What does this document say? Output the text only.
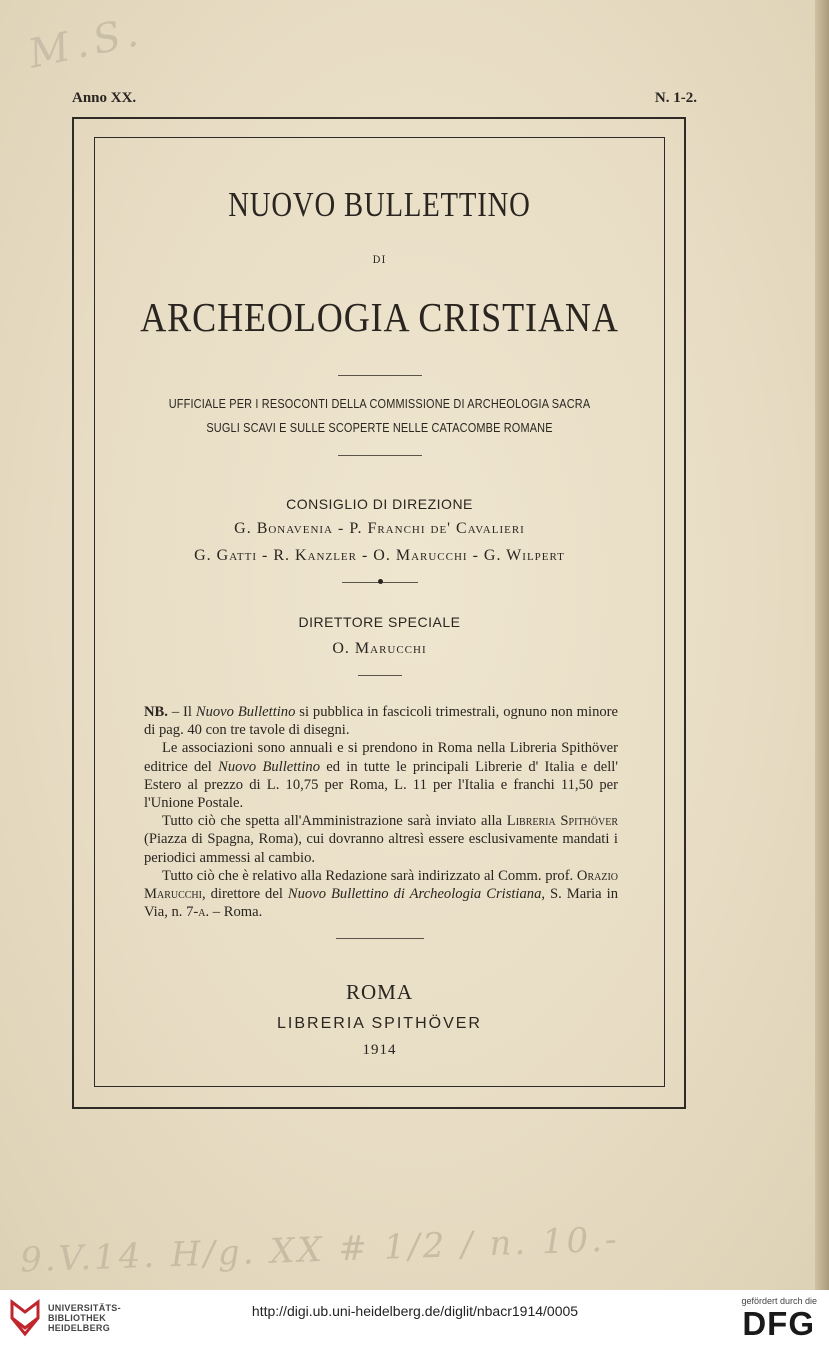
M.S.
Anno XX.	N. 1-2.
NUOVO BULLETTINO
DI
ARCHEOLOGIA CRISTIANA
UFFICIALE PER I RESOCONTI DELLA COMMISSIONE DI ARCHEOLOGIA SACRA
SUGLI SCAVI E SULLE SCOPERTE NELLE CATACOMBE ROMANE
CONSIGLIO DI DIREZIONE
G. Bonavenia - P. Franchi de' Cavalieri
G. Gatti - R. Kanzler - O. Marucchi - G. Wilpert
DIRETTORE SPECIALE
O. Marucchi

NB. – Il Nuovo Bullettino si pubblica in fascicoli trimestrali, ognuno non minore di pag. 40 con tre tavole di disegni.

Le associazioni sono annuali e si prendono in Roma nella Libreria Spithöver editrice del Nuovo Bullettino ed in tutte le principali Librerie d' Italia e dell' Estero al prezzo di L. 10,75 per Roma, L. 11 per l'Italia e franchi 11,50 per l'Unione Postale.

Tutto ciò che spetta all'Amministrazione sarà inviato alla Libreria Spithöver (Piazza di Spagna, Roma), cui dovranno altresì essere esclusivamente mandati i periodici ammessi al cambio.

Tutto ciò che è relativo alla Redazione sarà indirizzato al Comm. prof. Orazio Marucchi, direttore del Nuovo Bullettino di Archeologia Cristiana, S. Maria in Via, n. 7-a. – Roma.

ROMA
LIBRERIA SPITHÖVER
1914
9.V.14. H/g. XX # 1/2 / n. 10.-
UNIVERSITÄTS-
BIBLIOTHEK
HEIDELBERG
http://digi.ub.uni-heidelberg.de/diglit/nbacr1914/0005
gefördert durch die
DFG
